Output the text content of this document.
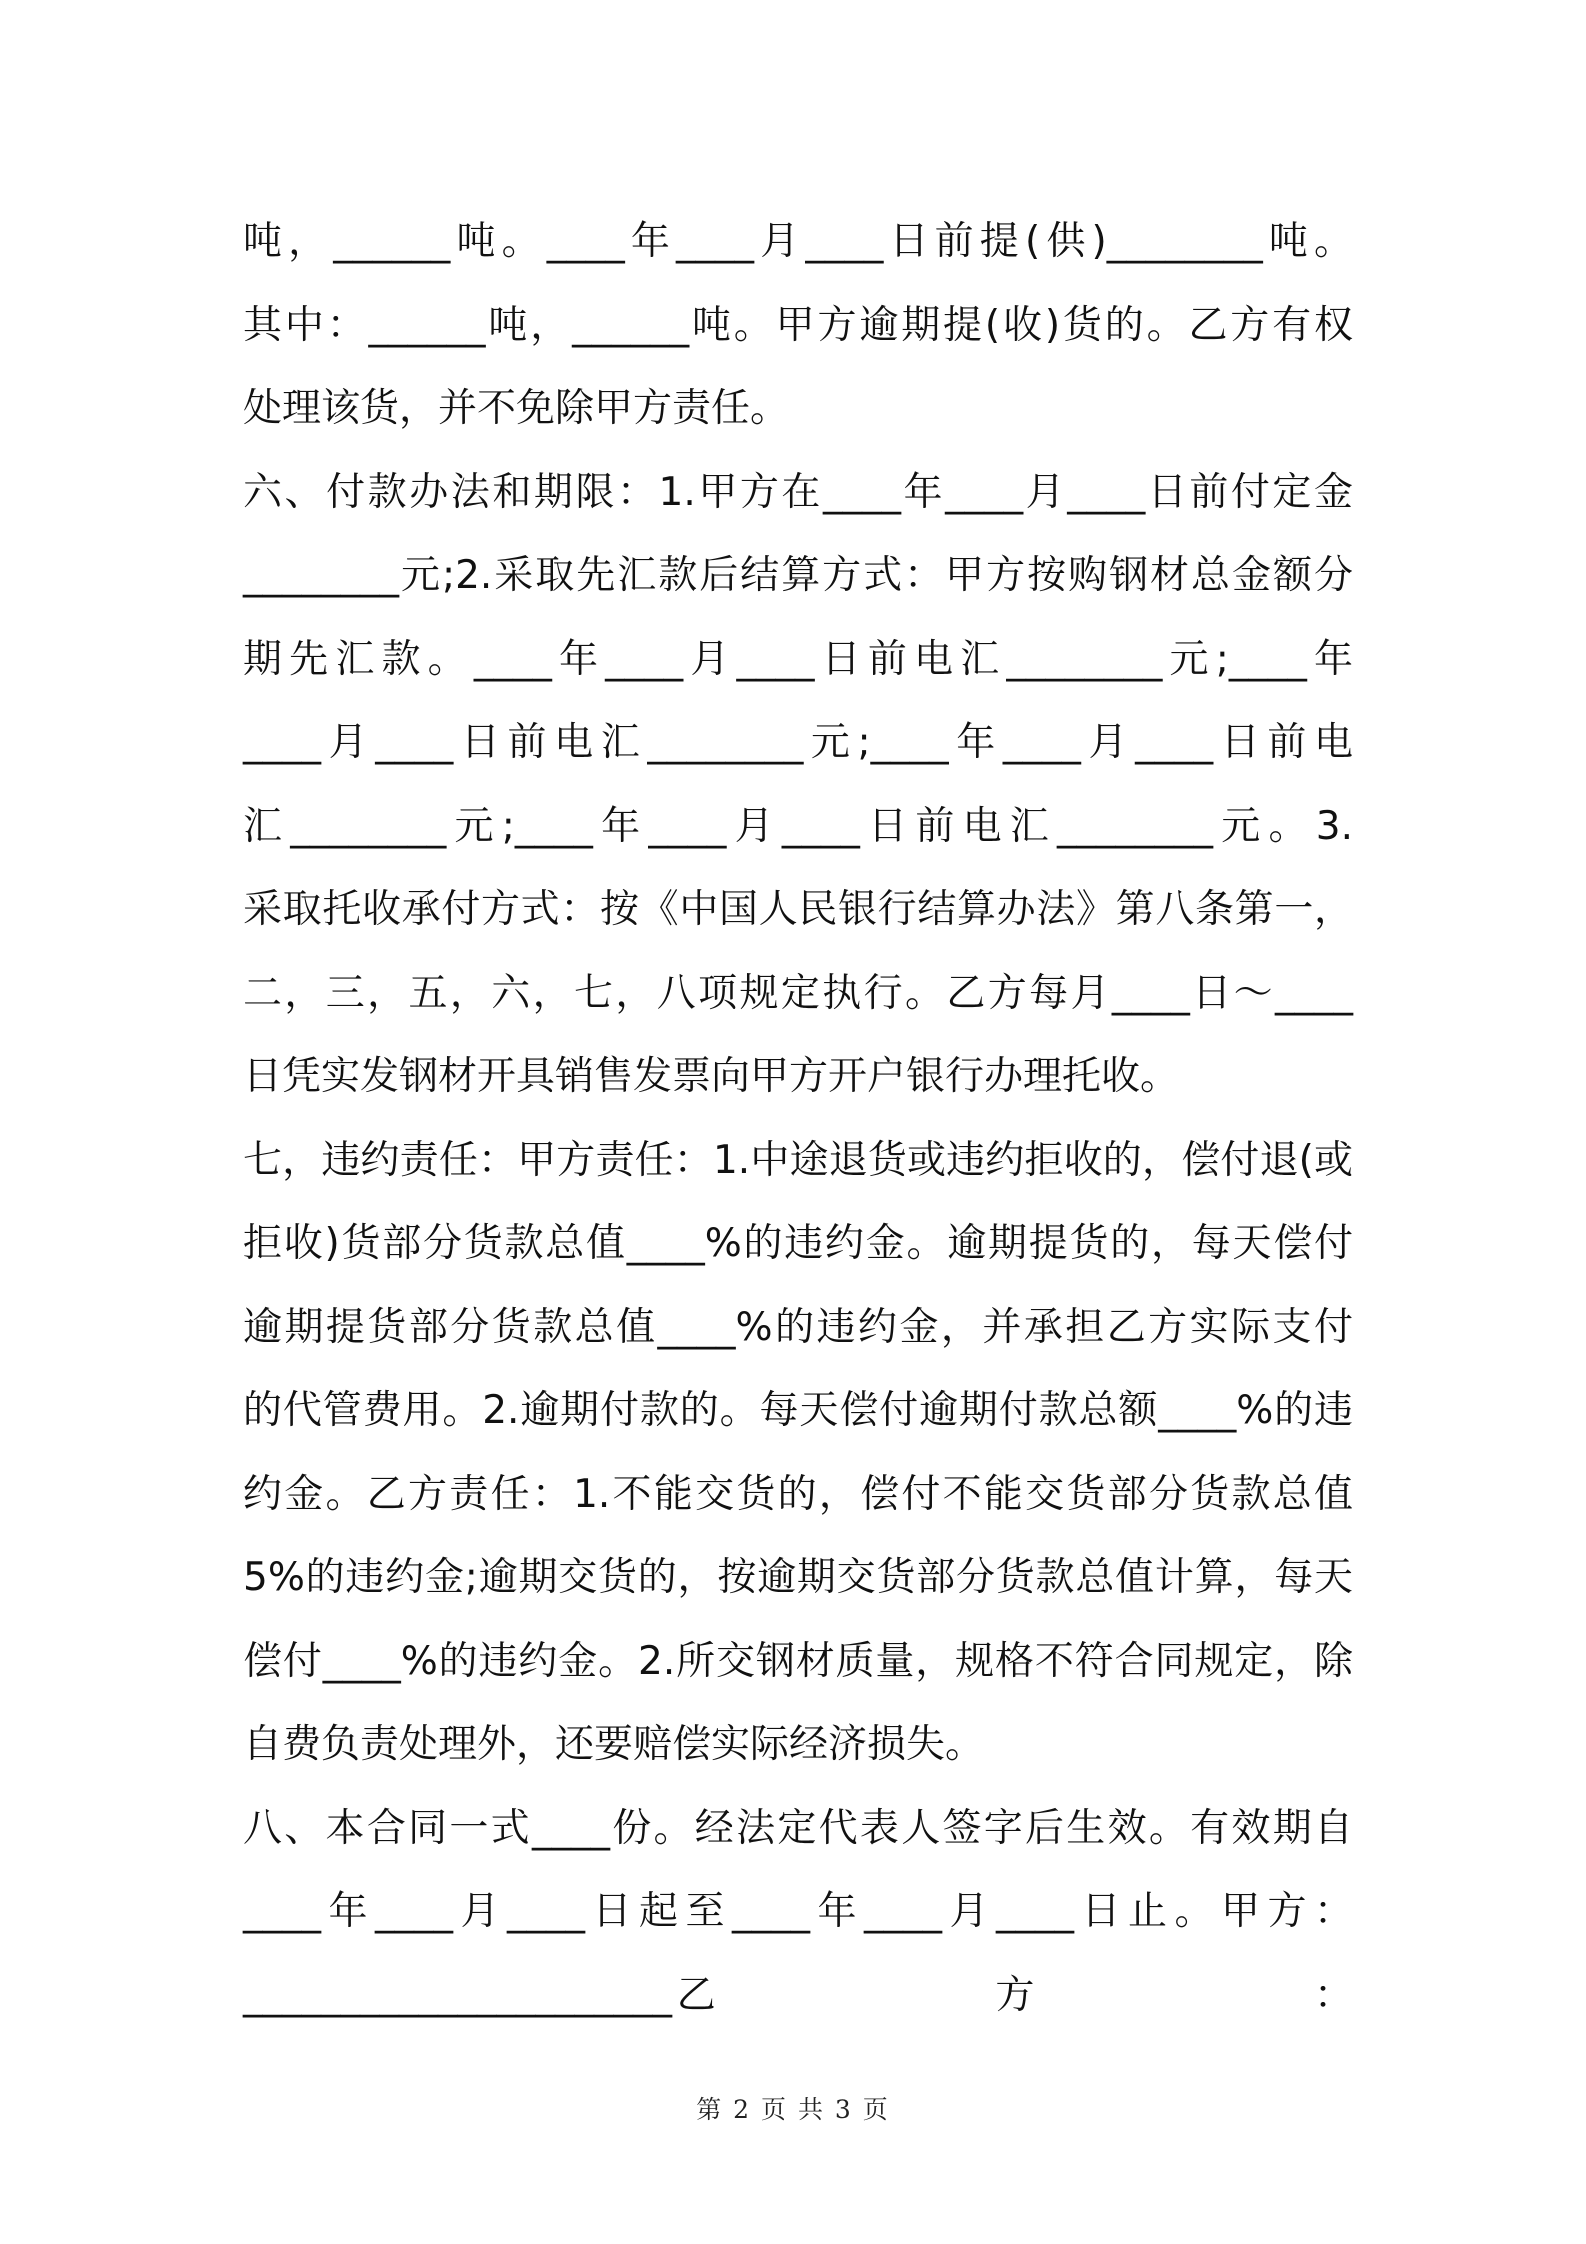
吨，______吨。____年____月____日前提(供)________吨。
其中：______吨，______吨。甲方逾期提(收)货的。乙方有权
处理该货，并不免除甲方责任。
六、付款办法和期限：1.甲方在____年____月____日前付定金
________元;2.采取先汇款后结算方式：甲方按购钢材总金额分
期先汇款。____年____月____日前电汇________元;____年
____月____日前电汇________元;____年____月____日前电
汇________元;____年____月____日前电汇________元。3.
采取托收承付方式：按《中国人民银行结算办法》第八条第一，
二，三，五，六，七，八项规定执行。乙方每月____日～____
日凭实发钢材开具销售发票向甲方开户银行办理托收。
七，违约责任：甲方责任：1.中途退货或违约拒收的，偿付退(或
拒收)货部分货款总值____%的违约金。逾期提货的，每天偿付
逾期提货部分货款总值____%的违约金，并承担乙方实际支付
的代管费用。2.逾期付款的。每天偿付逾期付款总额____%的违
约金。乙方责任：1.不能交货的，偿付不能交货部分货款总值
5%的违约金;逾期交货的，按逾期交货部分货款总值计算，每天
偿付____%的违约金。2.所交钢材质量，规格不符合同规定，除
自费负责处理外，还要赔偿实际经济损失。
八、本合同一式____份。经法定代表人签字后生效。有效期自
____年____月____日起至____年____月____日止。甲方：
______________________乙                方                ：
第 2 页 共 3 页
